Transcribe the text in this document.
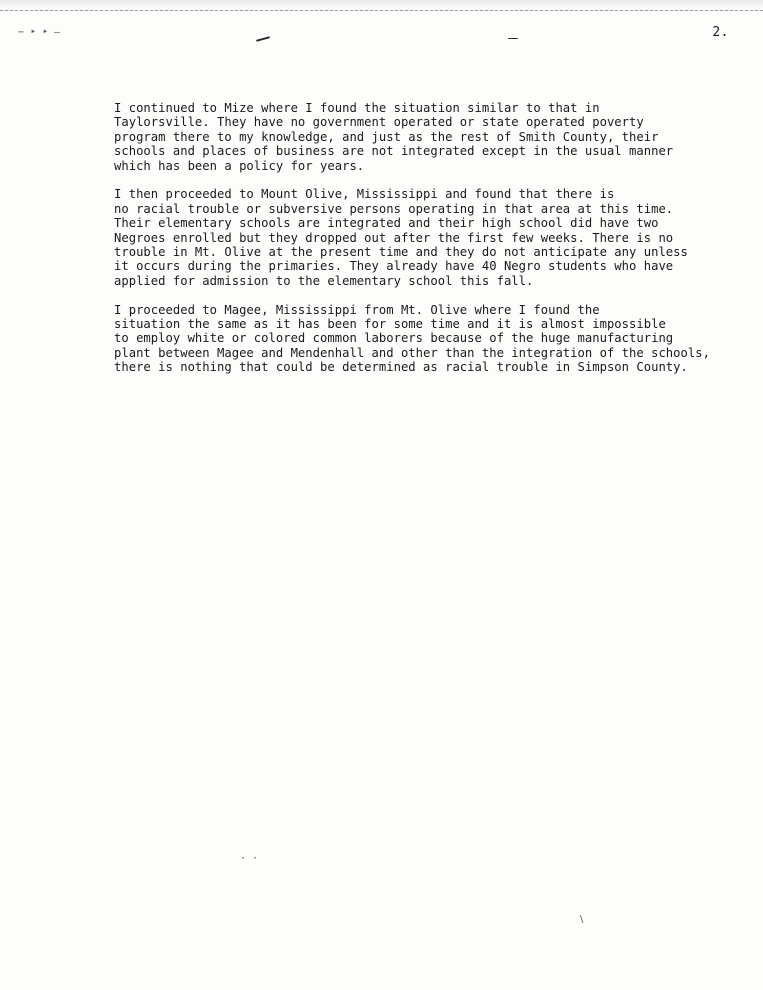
− ‣ ‣ —
· ·
∖
2.

I continued to Mize where I found the situation similar to that in
Taylorsville. They have no government operated or state operated poverty
program there to my knowledge, and just as the rest of Smith County, their
schools and places of business are not integrated except in the usual manner
which has been a policy for years.

I then proceeded to Mount Olive, Mississippi and found that there is
no racial trouble or subversive persons operating in that area at this time.
Their elementary schools are integrated and their high school did have two
Negroes enrolled but they dropped out after the first few weeks. There is no
trouble in Mt. Olive at the present time and they do not anticipate any unless
it occurs during the primaries. They already have 40 Negro students who have
applied for admission to the elementary school this fall.

I proceeded to Magee, Mississippi from Mt. Olive where I found the
situation the same as it has been for some time and it is almost impossible
to employ white or colored common laborers because of the huge manufacturing
plant between Magee and Mendenhall and other than the integration of the schools,
there is nothing that could be determined as racial trouble in Simpson County.
